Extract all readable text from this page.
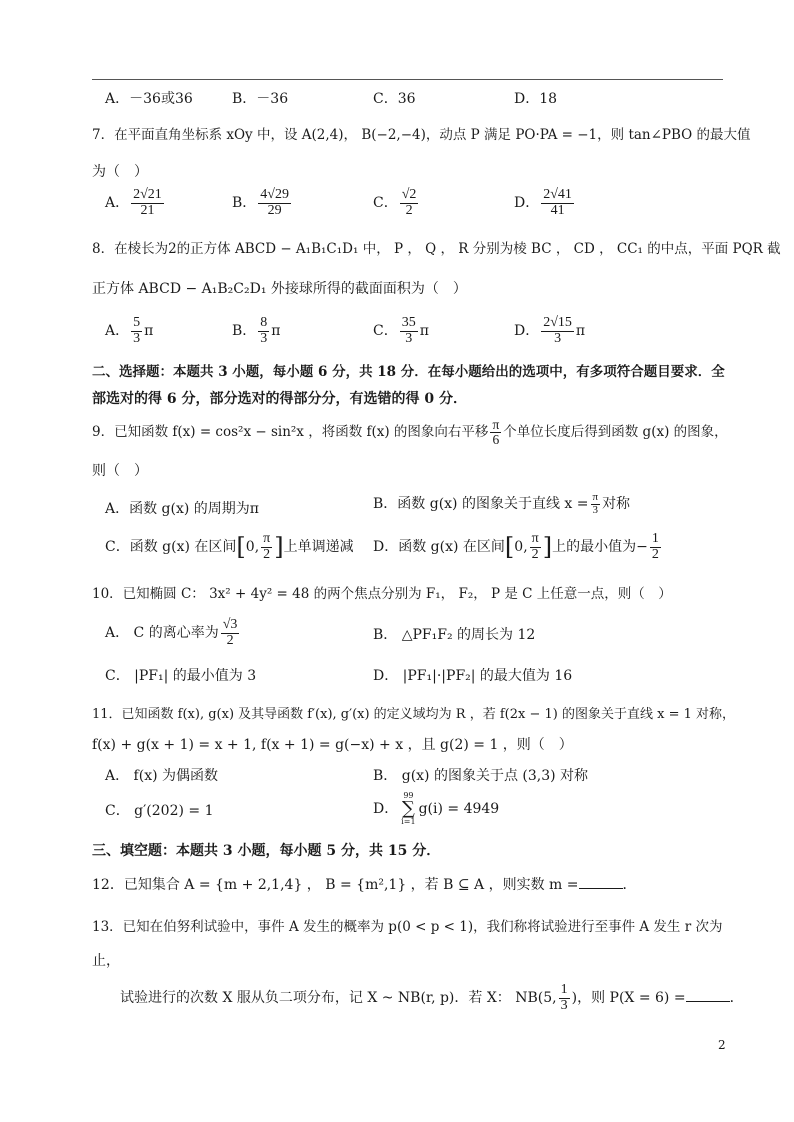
A．－36或36	B．－36	C．36	D．18
7．在平面直角坐标系 xOy 中，设 A(2,4)， B(−2,−4)，动点 P 满足 PO·PA = −1，则 tan∠PBO 的最大值
为（　）
A． $\frac{2√21}{21}$	B． $\frac{4√29}{29}$	C． $\frac{√2}{2}$	D． $\frac{2√41}{41}$
8．在棱长为2的正方体 ABCD − A₁B₁C₁D₁ 中， P ， Q ， R 分别为棱 BC ， CD ， CC₁ 的中点，平面 PQR 截
正方体 ABCD − A₁B₂C₂D₁ 外接球所得的截面面积为（　）
A． $\frac{5}{3}$ π	B． $\frac{8}{3}$ π	C． $\frac{35}{3}$ π	D． $\frac{2√15}{3}$ π
二、选择题：本题共 3 小题，每小题 6 分，共 18 分．在每小题给出的选项中，有多项符合题目要求．全
部选对的得 6 分，部分选对的得部分分，有选错的得 0 分．
9．已知函数 f(x) = cos²x − sin²x ，将函数 f(x) 的图象向右平移 $\frac{\pi}{6}$ 个单位长度后得到函数 g(x) 的图象，
则（　）
A．函数 g(x) 的周期为π	B．函数 g(x) 的图象关于直线 $x = \frac{\pi}{3}$ 对称
C．函数 g(x) 在区间[0, $\frac{\pi}{2}$ ]上单调递减 D．函数 g(x) 在区间[0, $\frac{\pi}{2}$ ]上的最小值为− $\frac{1}{2}$
10．已知椭圆 C： 3x² + 4y² = 48 的两个焦点分别为 F₁， F₂， P 是 C 上任意一点，则（　）
A． C 的离心率为 $\frac{√3}{2}$	B． △PF₁F₂ 的周长为 12
C． |PF₁| 的最小值为 3	D． |PF₁|·|PF₂| 的最大值为 16
11．已知函数 f(x), g(x) 及其导函数 f′(x), g′(x) 的定义域均为 R ，若 f(2x − 1) 的图象关于直线 x = 1 对称，
f(x) + g(x + 1) = x + 1, f(x + 1) = g(−x) + x ，且 g(2) = 1 ，则（　）
A． f(x) 为偶函数	B． g(x) 的图象关于点 (3,3) 对称
C． g′(202) = 1	D．
99
∑
i=1
g(i) = 4949
三、填空题：本题共 3 小题，每小题 5 分，共 15 分．
12．已知集合 A = {m + 2,1,4} ， B = {m²,1} ，若 B ⊆ A ，则实数 m =	．
13．已知在伯努利试验中，事件 A 发生的概率为 p(0 < p < 1)，我们称将试验进行至事件 A 发生 r 次为
止，
试验进行的次数 X 服从负二项分布，记 X ~ NB(r, p)．若 X： NB(5, $\frac{1}{3}$ )，则 P(X = 6) =	．
2
